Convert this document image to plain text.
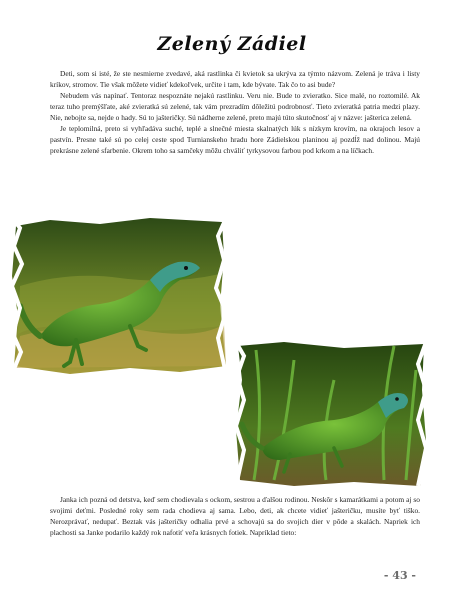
Zelený Zádiel

Deti, som si isté, že ste nesmierne zvedavé, aká rastlinka či kvietok sa ukrýva za týmto názvom. Zelená je tráva i listy kríkov, stromov. Tie však môžete vidieť kdekoľvek, určite i tam, kde bývate. Tak čo to asi bude?

Nebudem vás napínať. Tentoraz nespoznáte nejakú rastlinku. Veru nie. Bude to zvieratko. Sice malé, no roztomilé. Ak teraz tuho premýšľate, aké zvieratká sú zelené, tak vám prezradím dôležitú podrobnosť. Tieto zvieratká patria medzi plazy. Nie, nebojte sa, nejde o hady. Sú to jašteričky. Sú nádherne zelené, preto majú túto skutočnosť aj v názve: jašterica zelená.

Je teplomilná, preto si vyhľadáva suché, teplé a slnečné miesta skalnatých lúk s nízkym krovím, na okrajoch lesov a pastvín. Presne také sú po celej ceste spod Turnianskeho hradu hore Zádielskou planinou aj pozdĺž nad dolinou. Majú prekrásne zelené sfarbenie. Okrem toho sa samčeky môžu chváliť tyrkysovou farbou pod krkom a na líčkach.

Janka ich pozná od detstva, keď sem chodievala s ockom, sestrou a ďalšou rodinou. Neskôr s kamarátkami a potom aj so svojimi deťmi. Posledné roky sem rada chodieva aj sama. Lebo, deti, ak chcete vidieť jašteričku, musíte byť tiško. Nerozprávať, nedupať. Beztak vás jašteričky odhalia prvé a schovajú sa do svojich dier v pôde a skalách. Napriek ich plachosti sa Janke podarilo každý rok nafotiť veľa krásnych fotiek. Napríklad tieto:

- 43 -
